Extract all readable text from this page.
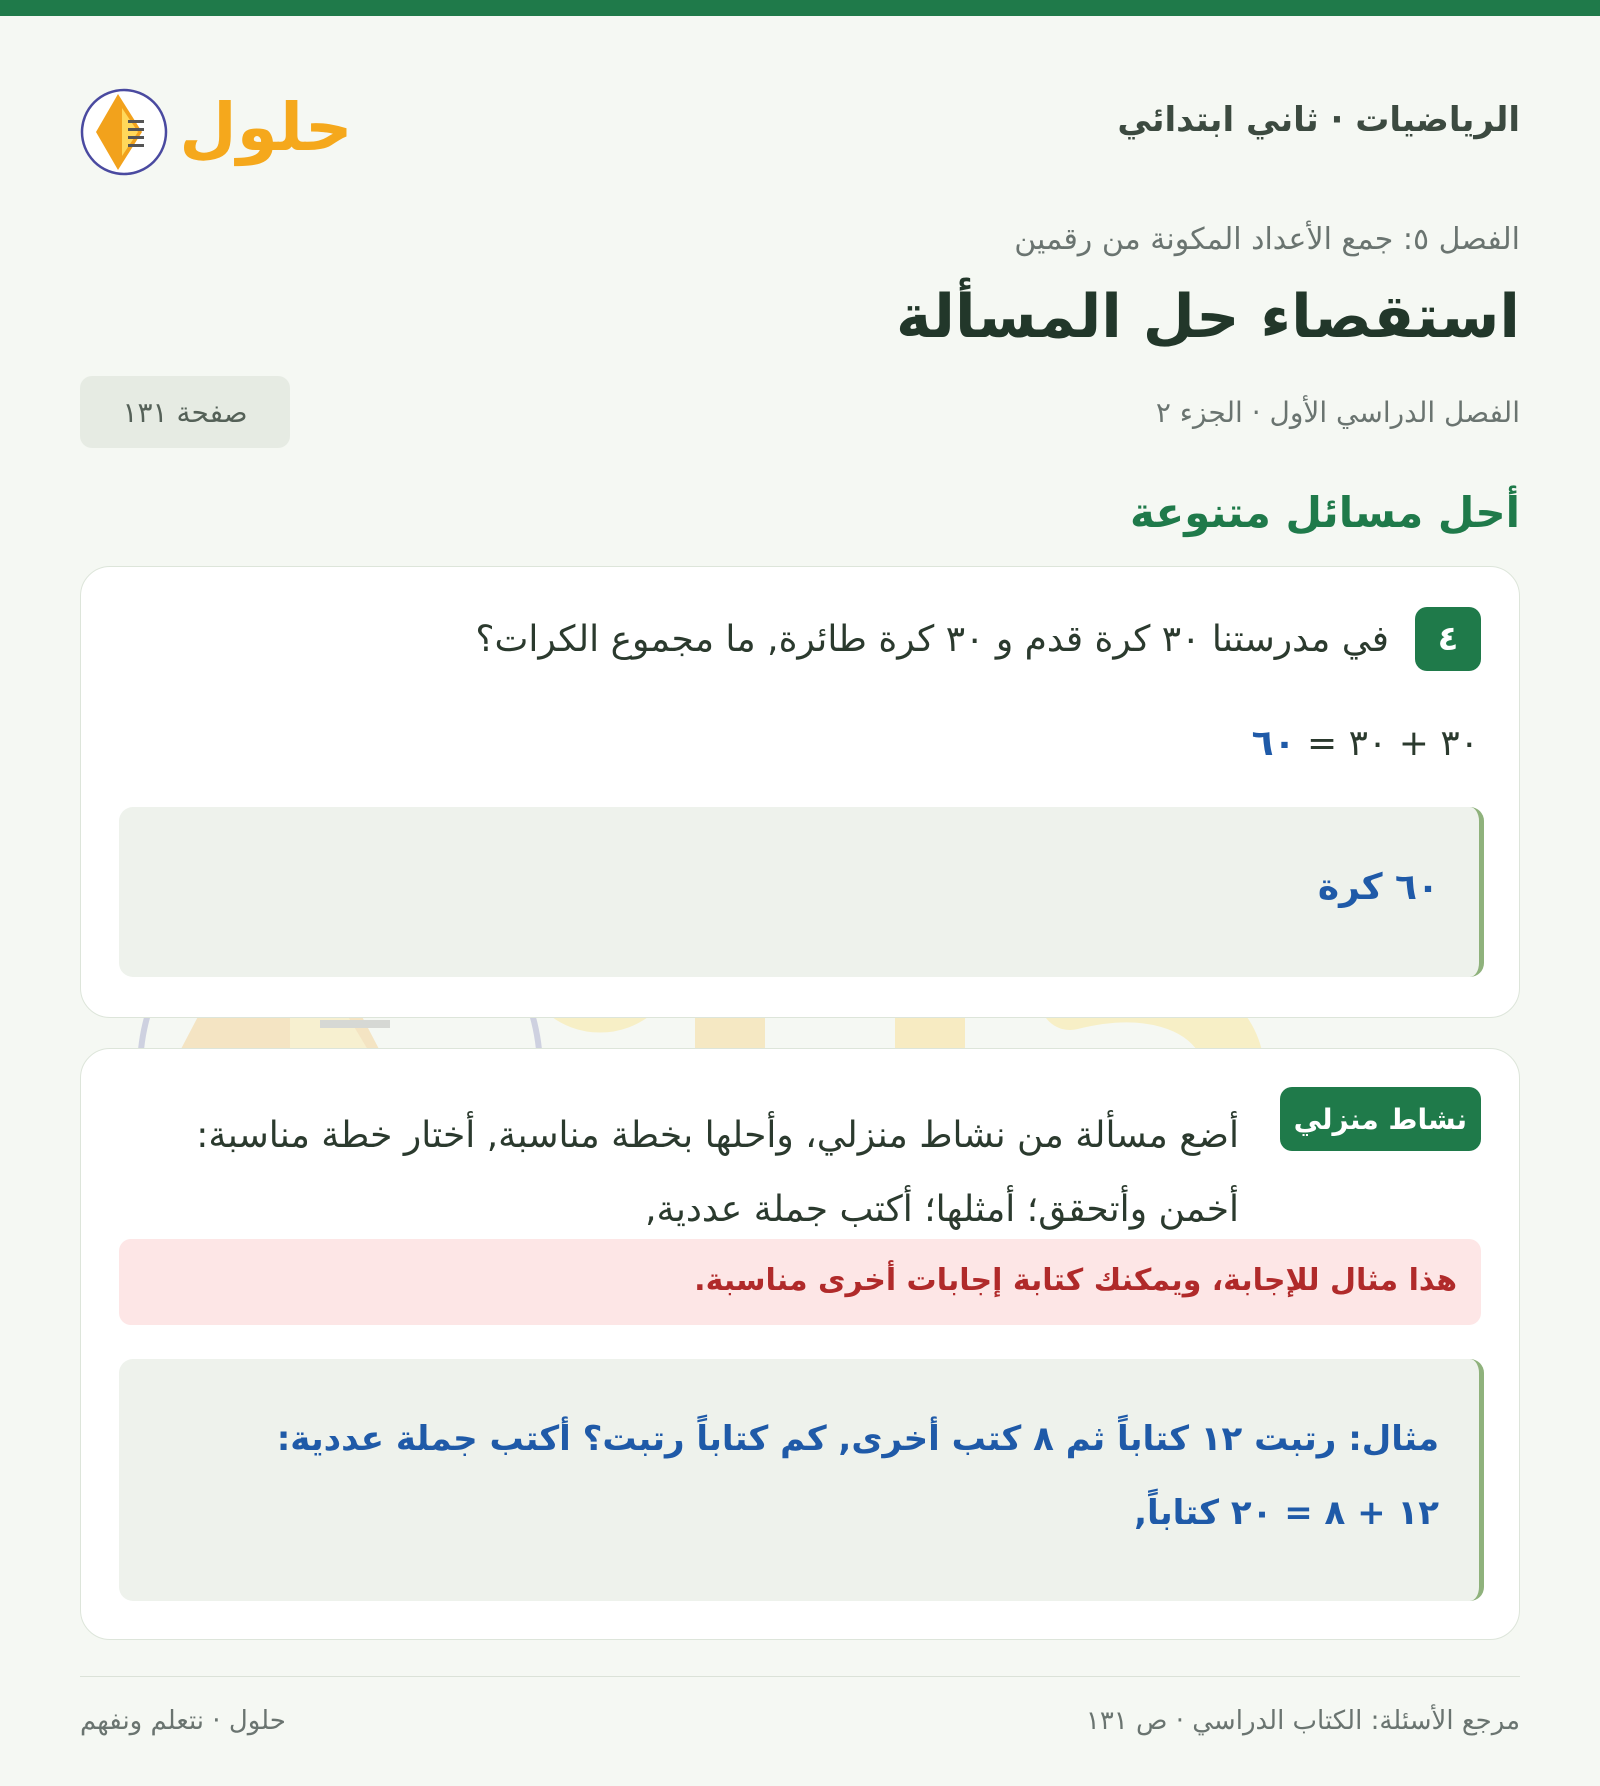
الرياضيات · ثاني ابتدائي
حلول
الفصل ٥: جمع الأعداد المكونة من رقمين
استقصاء حل المسألة
الفصل الدراسي الأول · الجزء ٢
صفحة ١٣١
أحل مسائل متنوعة
٤
في مدرستنا ٣٠ كرة قدم و ٣٠ كرة طائرة, ما مجموع الكرات؟
٣٠ + ٣٠ = ٦٠
٦٠ كرة
نشاط منزلي
أضع مسألة من نشاط منزلي، وأحلها بخطة مناسبة, أختار خطة مناسبة: أخمن وأتحقق؛ أمثلها؛ أكتب جملة عددية,
هذا مثال للإجابة، ويمكنك كتابة إجابات أخرى مناسبة.
مثال: رتبت ١٢ كتاباً ثم ٨ كتب أخرى, كم كتاباً رتبت؟ أكتب جملة عددية:
١٢ + ٨ = ٢٠ كتاباً,
مرجع الأسئلة: الكتاب الدراسي · ص ١٣١
حلول · نتعلم ونفهم
